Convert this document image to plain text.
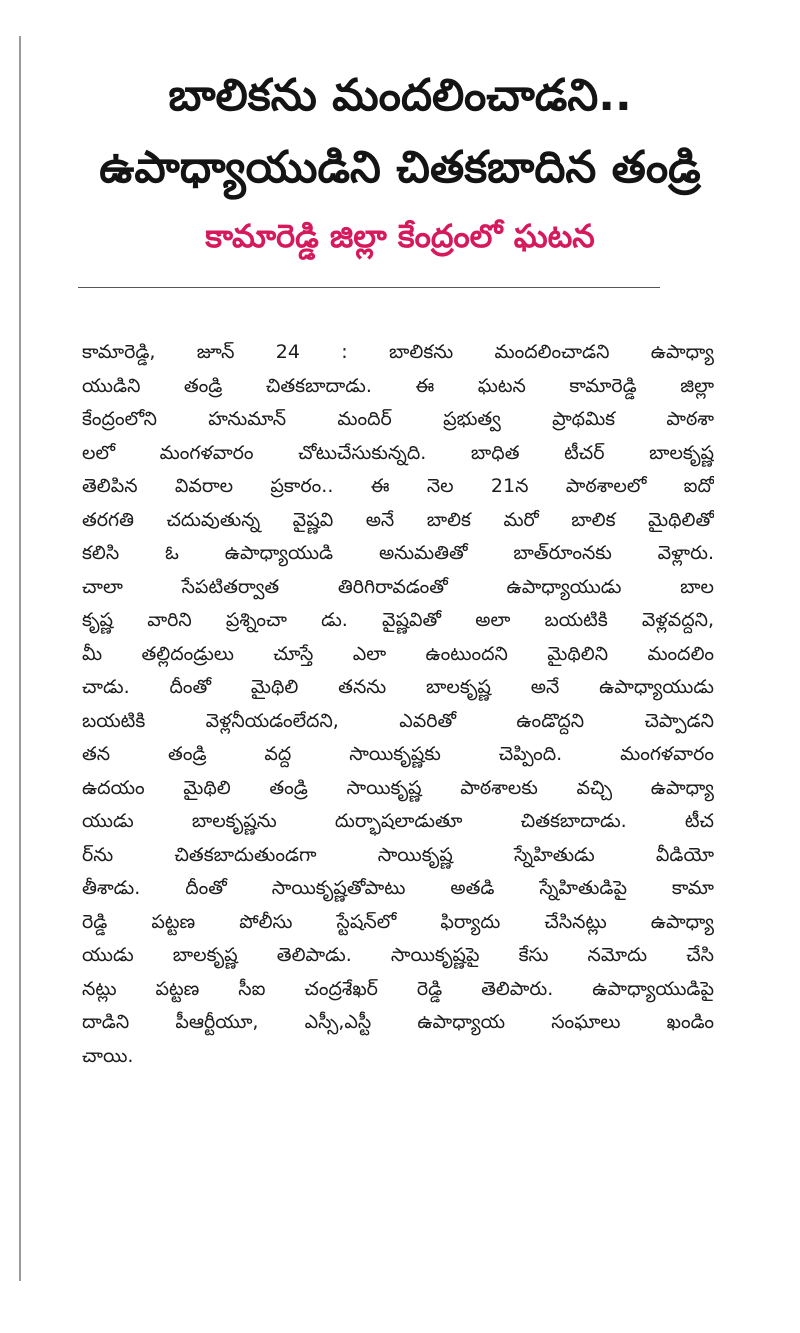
బాలికను మందలించాడని..
ఉపాధ్యాయుడిని చితకబాదిన తండ్రి
కామారెడ్డి జిల్లా కేంద్రంలో ఘటన
కామారెడ్డి, జూన్ 24 : బాలికను మందలించాడని ఉపాధ్యా
యుడిని తండ్రి చితకబాదాడు. ఈ ఘటన కామారెడ్డి జిల్లా
కేంద్రంలోని హనుమాన్ మందిర్ ప్రభుత్వ ప్రాథమిక పాఠశా
లలో మంగళవారం చోటుచేసుకున్నది. బాధిత టీచర్ బాలకృష్ణ
తెలిపిన వివరాల ప్రకారం.. ఈ నెల 21న పాఠశాలలో ఐదో
తరగతి చదువుతున్న వైష్ణవి అనే బాలిక మరో బాలిక మైథిలితో
కలిసి ఓ ఉపాధ్యాయుడి అనుమతితో బాత్‌రూంనకు వెళ్లారు.
చాలా సేపటితర్వాత తిరిగిరావడంతో ఉపాధ్యాయుడు బాల
కృష్ణ వారిని ప్రశ్నించా డు. వైష్ణవితో అలా బయటికి వెళ్లవద్దని,
మీ తల్లిదండ్రులు చూస్తే ఎలా ఉంటుందని మైథిలిని మందలిం
చాడు. దీంతో మైథిలి తనను బాలకృష్ణ అనే ఉపాధ్యాయుడు
బయటికి వెళ్లనీయడంలేదని, ఎవరితో ఉండొద్దని చెప్పాడని
తన తండ్రి వద్ద సాయికృష్ణకు చెప్పింది. మంగళవారం
ఉదయం మైథిలి తండ్రి సాయికృష్ణ పాఠశాలకు వచ్చి ఉపాధ్యా
యుడు బాలకృష్ణను దుర్భాషలాడుతూ చితకబాదాడు. టీచ
ర్‌ను చితకబాదుతుండగా సాయికృష్ణ స్నేహితుడు వీడియో
తీశాడు. దీంతో సాయికృష్ణతోపాటు అతడి స్నేహితుడిపై కామా
రెడ్డి పట్టణ పోలీసు స్టేషన్‌లో ఫిర్యాదు చేసినట్లు ఉపాధ్యా
యుడు బాలకృష్ణ తెలిపాడు. సాయికృష్ణపై కేసు నమోదు చేసి
నట్లు పట్టణ సీఐ చంద్రశేఖర్ రెడ్డి తెలిపారు. ఉపాధ్యాయుడిపై
దాడిని పీఆర్టీయూ, ఎస్సీ,ఎస్టీ ఉపాధ్యాయ సంఘాలు ఖండిం
చాయి.
